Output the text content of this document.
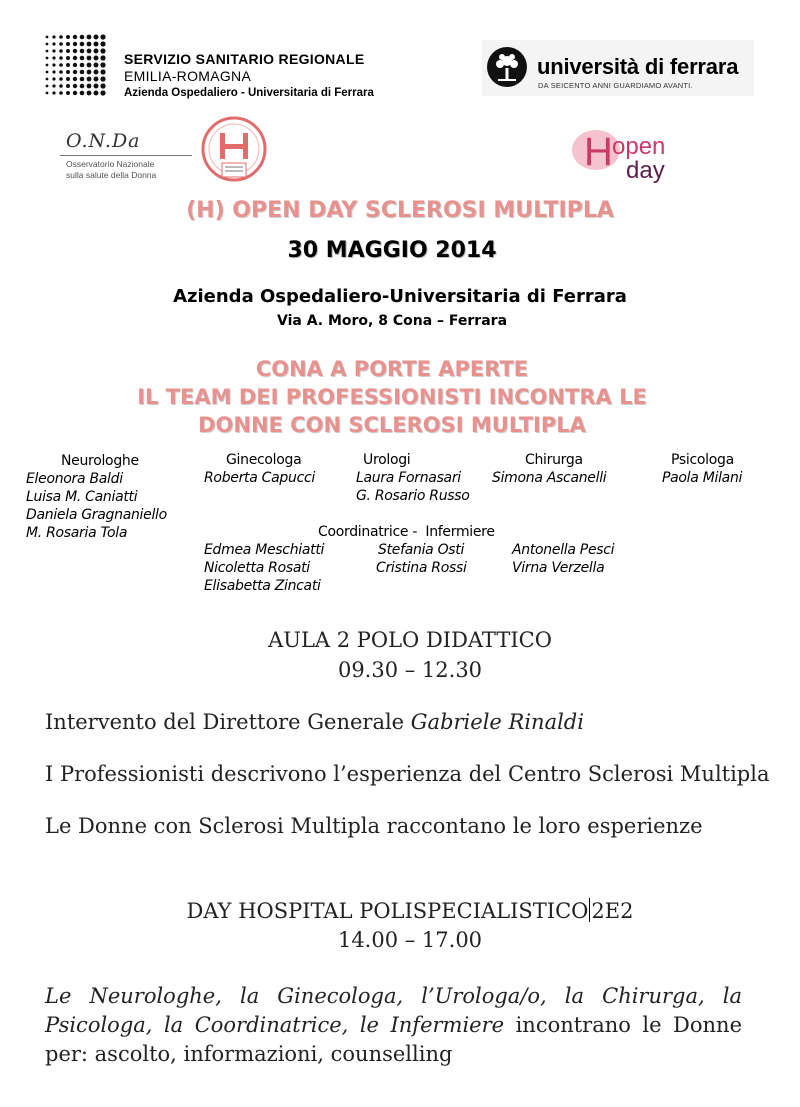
SERVIZIO SANITARIO REGIONALE
EMILIA-ROMAGNA
Azienda Ospedaliero - Universitaria di Ferrara
università di ferrara
DA SEICENTO ANNI GUARDIAMO AVANTI.
O.N.Da
Osservatorio Nazionale
sulla salute della Donna
H open
day
(H) OPEN DAY SCLEROSI MULTIPLA
30 MAGGIO 2014
Azienda Ospedaliero-Universitaria di Ferrara
Via A. Moro, 8 Cona – Ferrara
CONA A PORTE APERTE
IL TEAM DEI PROFESSIONISTI INCONTRA LE
DONNE CON SCLEROSI MULTIPLA
Neurologhe
Eleonora Baldi
Luisa M. Caniatti
Daniela Gragnaniello
M. Rosaria Tola
Ginecologa
Roberta Capucci
Urologi
Laura Fornasari
G. Rosario Russo
Chirurga
Simona Ascanelli
Psicologa
Paola Milani
Coordinatrice -  Infermiere
Edmea Meschiatti
Nicoletta Rosati
Elisabetta Zincati
Stefania Osti
Cristina Rossi
Antonella Pesci
Virna Verzella
AULA 2 POLO DIDATTICO
09.30 – 12.30
Intervento del Direttore Generale Gabriele Rinaldi
I Professionisti descrivono l’esperienza del Centro Sclerosi Multipla
Le Donne con Sclerosi Multipla raccontano le loro esperienze
DAY HOSPITAL POLISPECIALISTICO 2E2
14.00 – 17.00
Le Neurologhe, la Ginecologa, l’Urologa/o, la Chirurga, la Psicologa, la Coordinatrice, le Infermiere incontrano le Donne per: ascolto, informazioni, counselling
